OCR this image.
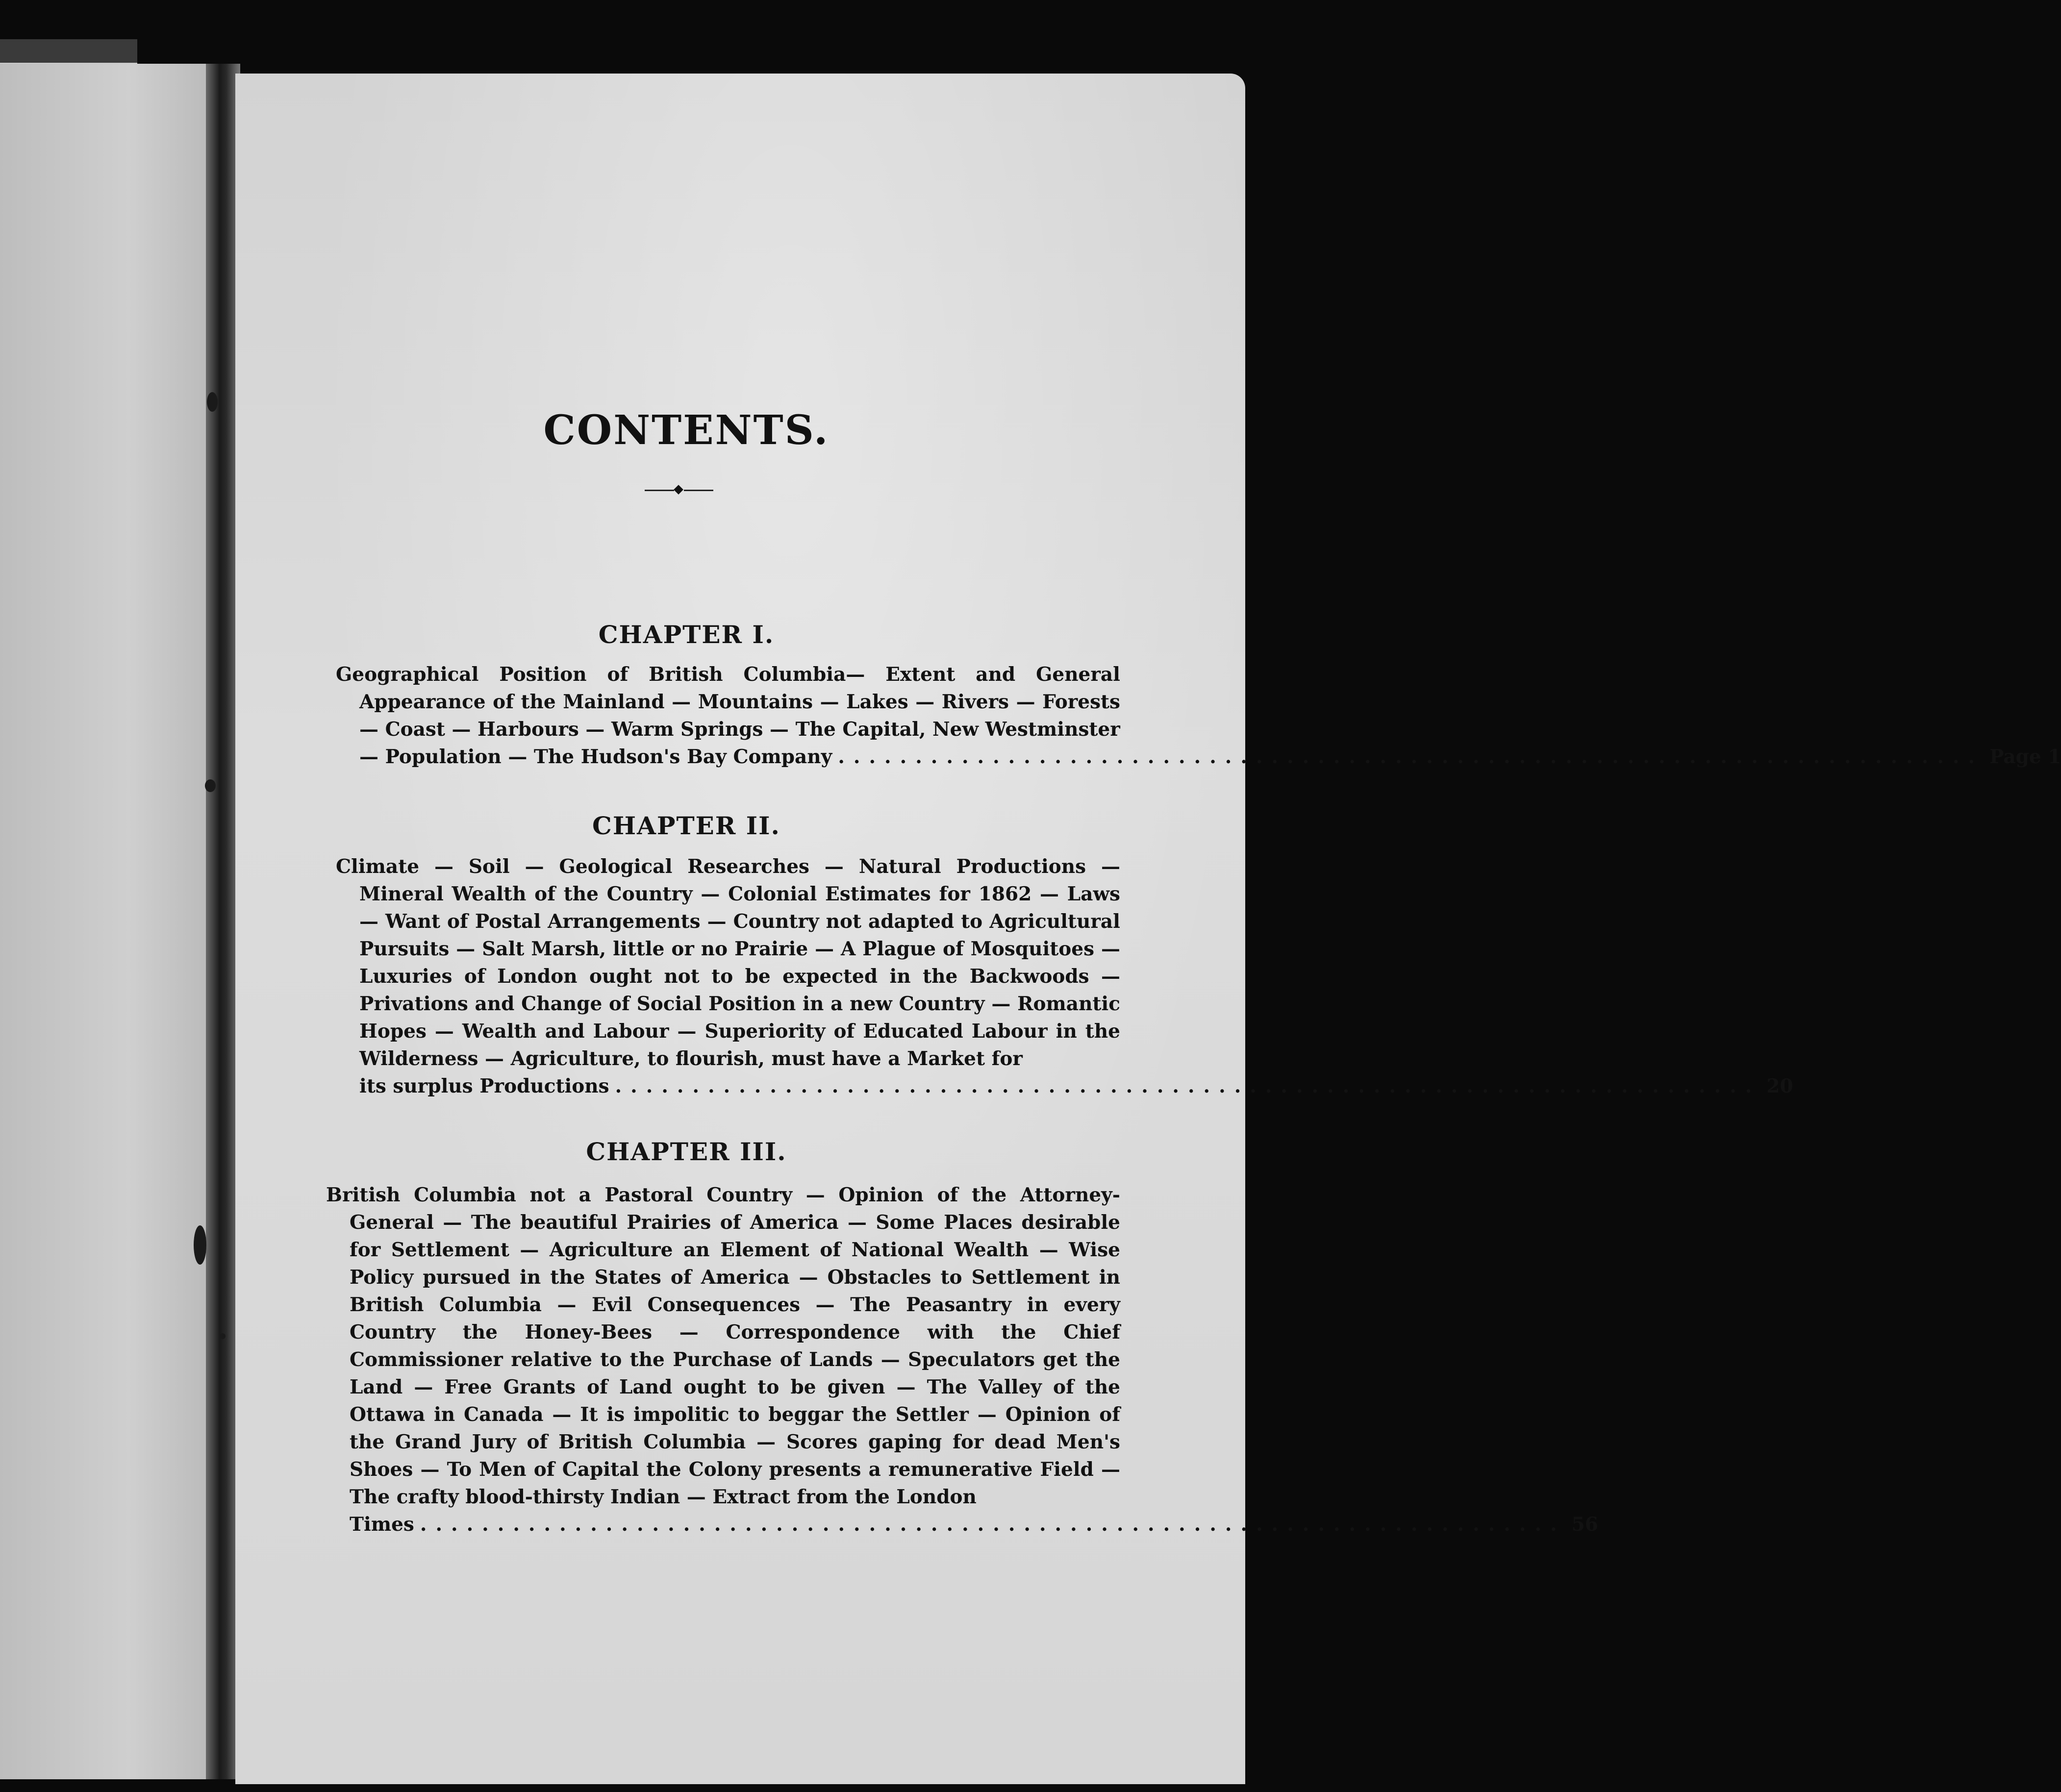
CONTENTS.
CHAPTER I.
Geographical Position of British Columbia— Extent and General Appearance of the Mainland — Mountains — Lakes — Rivers — Forests — Coast — Harbours — Warm Springs — The Capital, New Westminster
— Population — The Hudson's Bay Company .......................................................................... Page 1
CHAPTER II.
Climate — Soil — Geological Researches — Natural Productions — Mineral Wealth of the Country — Colonial Estimates for 1862 — Laws — Want of Postal Arrangements — Country not adapted to Agricultural Pursuits — Salt Marsh, little or no Prairie — A Plague of Mosquitoes — Luxuries of London ought not to be expected in the Backwoods — Privations and Change of Social Position in a new Country — Romantic Hopes — Wealth and Labour — Superiority of Educated Labour in the Wilderness — Agriculture, to flourish, must have a Market for
its surplus Productions .......................................................................... 20
CHAPTER III.
British Columbia not a Pastoral Country — Opinion of the Attorney-General — The beautiful Prairies of America — Some Places desirable for Settlement — Agriculture an Element of National Wealth — Wise Policy pursued in the States of America — Obstacles to Settlement in British Columbia — Evil Consequences — The Peasantry in every Country the Honey-Bees — Correspondence with the Chief Commissioner relative to the Purchase of Lands — Speculators get the Land — Free Grants of Land ought to be given — The Valley of the Ottawa in Canada — It is impolitic to beggar the Settler — Opinion of the Grand Jury of British Columbia — Scores gaping for dead Men's Shoes — To Men of Capital the Colony presents a remunerative Field — The crafty blood-thirsty Indian — Extract from the London
Times .......................................................................... 56
